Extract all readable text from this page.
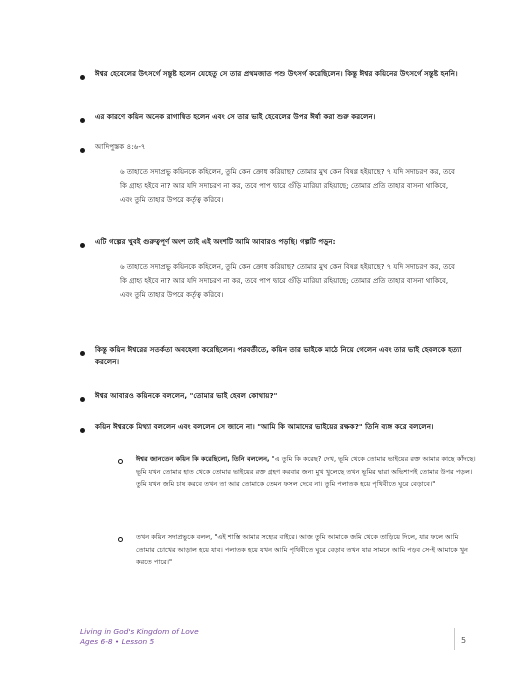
ঈশ্বর হেবেলের উৎসর্গে সন্তুষ্ট হলেন যেহেতু সে তার প্রথমজাত পশু উৎসর্গ করেছিলেন। কিন্তু ঈশ্বর কয়িনের উৎসর্গে সন্তুষ্ট হননি।
এর কারণে কয়িন অনেক রাগান্বিত হলেন এবং সে তার ভাই হেবেলের উপর ঈর্ষা করা শুরু করলেন।
আদিপুস্তক ৪:৬-৭
৬ তাহাতে সদাপ্রভু কয়িনকে কহিলেন, তুমি কেন ক্রোধ করিয়াছ? তোমার মুখ কেন বিষণ্ণ হইয়াছে? ৭ যদি সদাচরণ কর, তবে কি গ্রাহ্য হইবে না? আর যদি সদাচরণ না কর, তবে পাপ দ্বারে গুঁড়ি মারিয়া রহিয়াছে; তোমার প্রতি তাহার বাসনা থাকিবে, এবং তুমি তাহার উপরে কর্তৃত্ব করিবে।
এটি গল্পের খুবই গুরুত্বপূর্ণ অংশ তাই এই অংশটি আমি আবারও পড়ছি। গল্পটি পড়ুন:
৬ তাহাতে সদাপ্রভু কয়িনকে কহিলেন, তুমি কেন ক্রোধ করিয়াছ? তোমার মুখ কেন বিষণ্ণ হইয়াছে? ৭ যদি সদাচরণ কর, তবে কি গ্রাহ্য হইবে না? আর যদি সদাচরণ না কর, তবে পাপ দ্বারে গুঁড়ি মারিয়া রহিয়াছে; তোমার প্রতি তাহার বাসনা থাকিবে, এবং তুমি তাহার উপরে কর্তৃত্ব করিবে।
কিন্তু কয়িন ঈশ্বরের সতর্কতা অবহেলা করেছিলেন। পরবর্তীতে, কয়িন তার ভাইকে মাঠে নিয়ে গেলেন এবং তার ভাই হেবলকে হত্যা করলেন।
ঈশ্বর আবারও কয়িনকে বললেন, "তোমার ভাই হেবল কোথায়?"
কয়িন ঈশ্বরকে মিথ্যা বললেন এবং বললেন সে জানে না। "আমি কি আমাদের ভাইয়ের রক্ষক?" তিনি ব্যঙ্গ করে বললেন।
ঈশ্বর জানতেন কয়িন কি করেছিলো, তিনি বললেন, "এ তুমি কি করেছ? দেখ, ভূমি থেকে তোমার ভাইয়ের রক্ত আমার কাছে কাঁদছে। ভূমি যখন তোমার হাত থেকে তোমার ভাইয়ের রক্ত গ্রহণ করবার জন্য মুখ খুলেছে তখন ভূমির দ্বারা অভিশাপই তোমার উপর পড়ল। তুমি যখন জমি চাষ করবে তখন তা আর তোমাকে তেমন ফসল দেবে না। তুমি পলাতক হয়ে পৃথিবীতে ঘুরে বেড়াবে।"
তখন কয়িন সদাপ্রভুকে বলল, "এই শাস্তি আমার সহ্যের বাইরে। আজ তুমি আমাকে জমি থেকে তাড়িয়ে দিলে, যার ফলে আমি তোমার চোখের আড়াল হয়ে যাব। পলাতক হয়ে যখন আমি পৃথিবীতে ঘুরে বেড়াব তখন যার সামনে আমি পড়ব সে-ই আমাকে খুন করতে পারে।"
Living in God's Kingdom of Love
Ages 6-8 • Lesson 5	5
